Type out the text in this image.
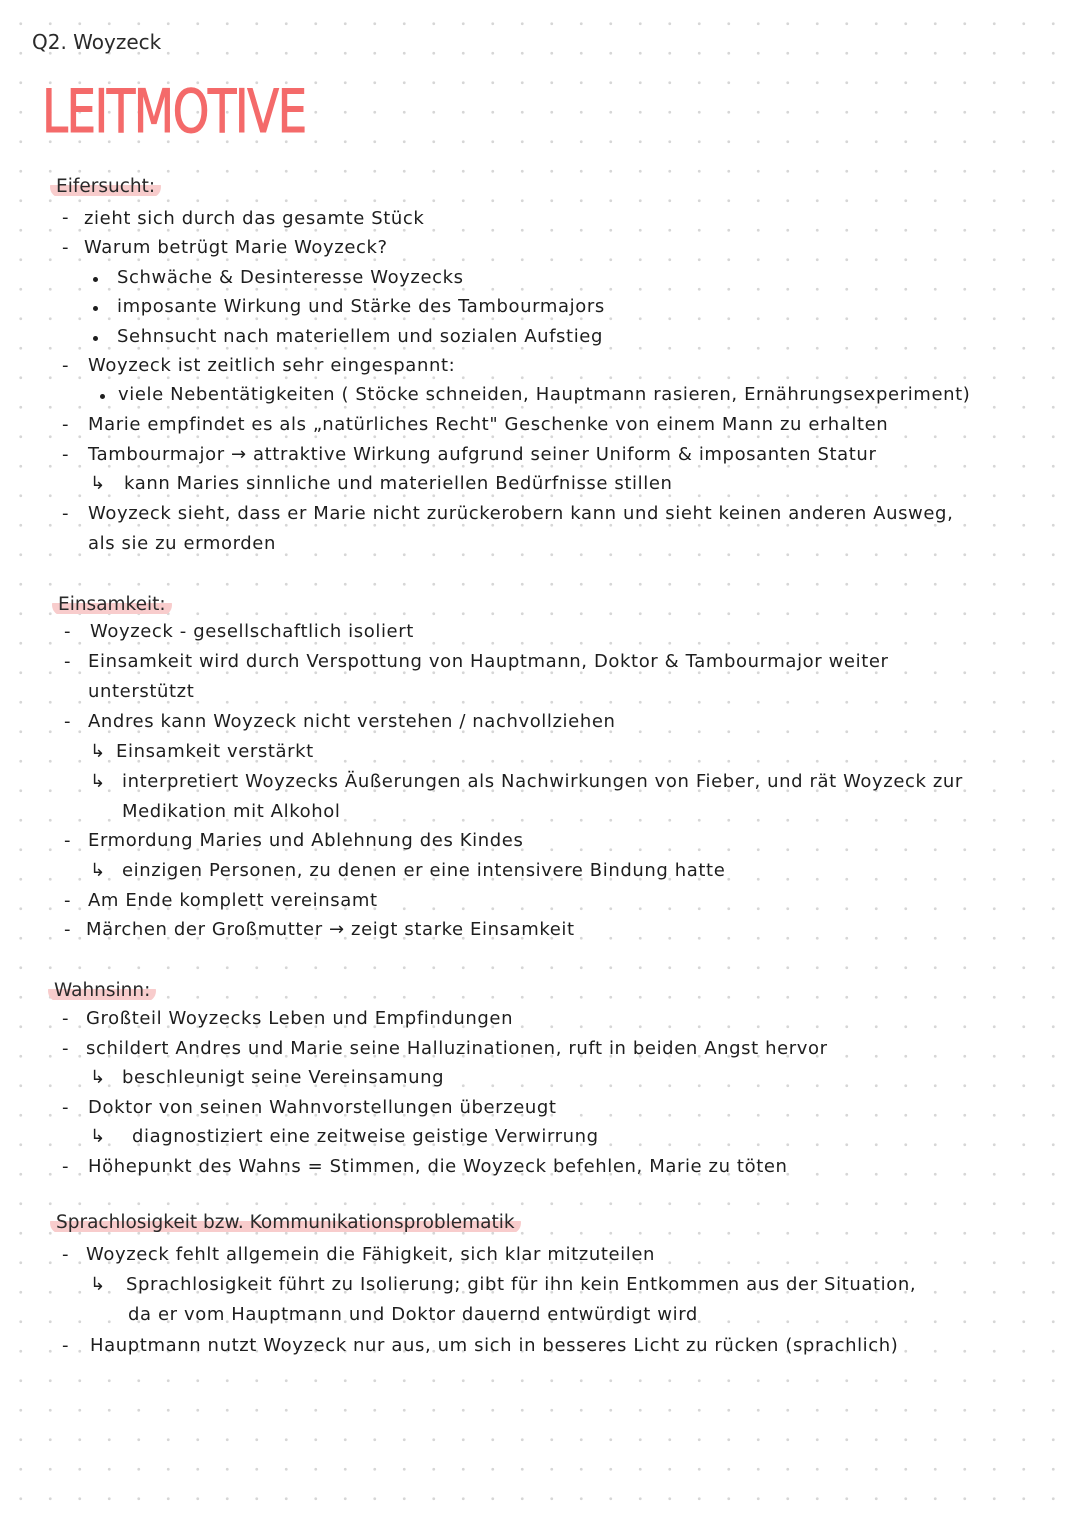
Q2. Woyzeck
LEITMOTIVE
Eifersucht:
- zieht sich durch das gesamte Stück
- Warum betrügt Marie Woyzeck?
Schwäche & Desinteresse Woyzecks
imposante Wirkung und Stärke des Tambourmajors
Sehnsucht nach materiellem und sozialen Aufstieg
- Woyzeck ist zeitlich sehr eingespannt:
viele Nebentätigkeiten ( Stöcke schneiden, Hauptmann rasieren, Ernährungsexperiment)
- Marie empfindet es als „natürliches Recht" Geschenke von einem Mann zu erhalten
- Tambourmajor → attraktive Wirkung aufgrund seiner Uniform & imposanten Statur
↳ kann Maries sinnliche und materiellen Bedürfnisse stillen
- Woyzeck sieht, dass er Marie nicht zurückerobern kann und sieht keinen anderen Ausweg,
als sie zu ermorden
Einsamkeit:
- Woyzeck - gesellschaftlich isoliert
- Einsamkeit wird durch Verspottung von Hauptmann, Doktor & Tambourmajor weiter
unterstützt
- Andres kann Woyzeck nicht verstehen / nachvollziehen
↳ Einsamkeit verstärkt
↳ interpretiert Woyzecks Äußerungen als Nachwirkungen von Fieber, und rät Woyzeck zur
Medikation mit Alkohol
- Ermordung Maries und Ablehnung des Kindes
↳ einzigen Personen, zu denen er eine intensivere Bindung hatte
- Am Ende komplett vereinsamt
- Märchen der Großmutter → zeigt starke Einsamkeit
Wahnsinn:
- Großteil Woyzecks Leben und Empfindungen
- schildert Andres und Marie seine Halluzinationen, ruft in beiden Angst hervor
↳ beschleunigt seine Vereinsamung
- Doktor von seinen Wahnvorstellungen überzeugt
↳ diagnostiziert eine zeitweise geistige Verwirrung
- Höhepunkt des Wahns = Stimmen, die Woyzeck befehlen, Marie zu töten
Sprachlosigkeit bzw. Kommunikationsproblematik
- Woyzeck fehlt allgemein die Fähigkeit, sich klar mitzuteilen
↳ Sprachlosigkeit führt zu Isolierung; gibt für ihn kein Entkommen aus der Situation,
da er vom Hauptmann und Doktor dauernd entwürdigt wird
- Hauptmann nutzt Woyzeck nur aus, um sich in besseres Licht zu rücken (sprachlich)
